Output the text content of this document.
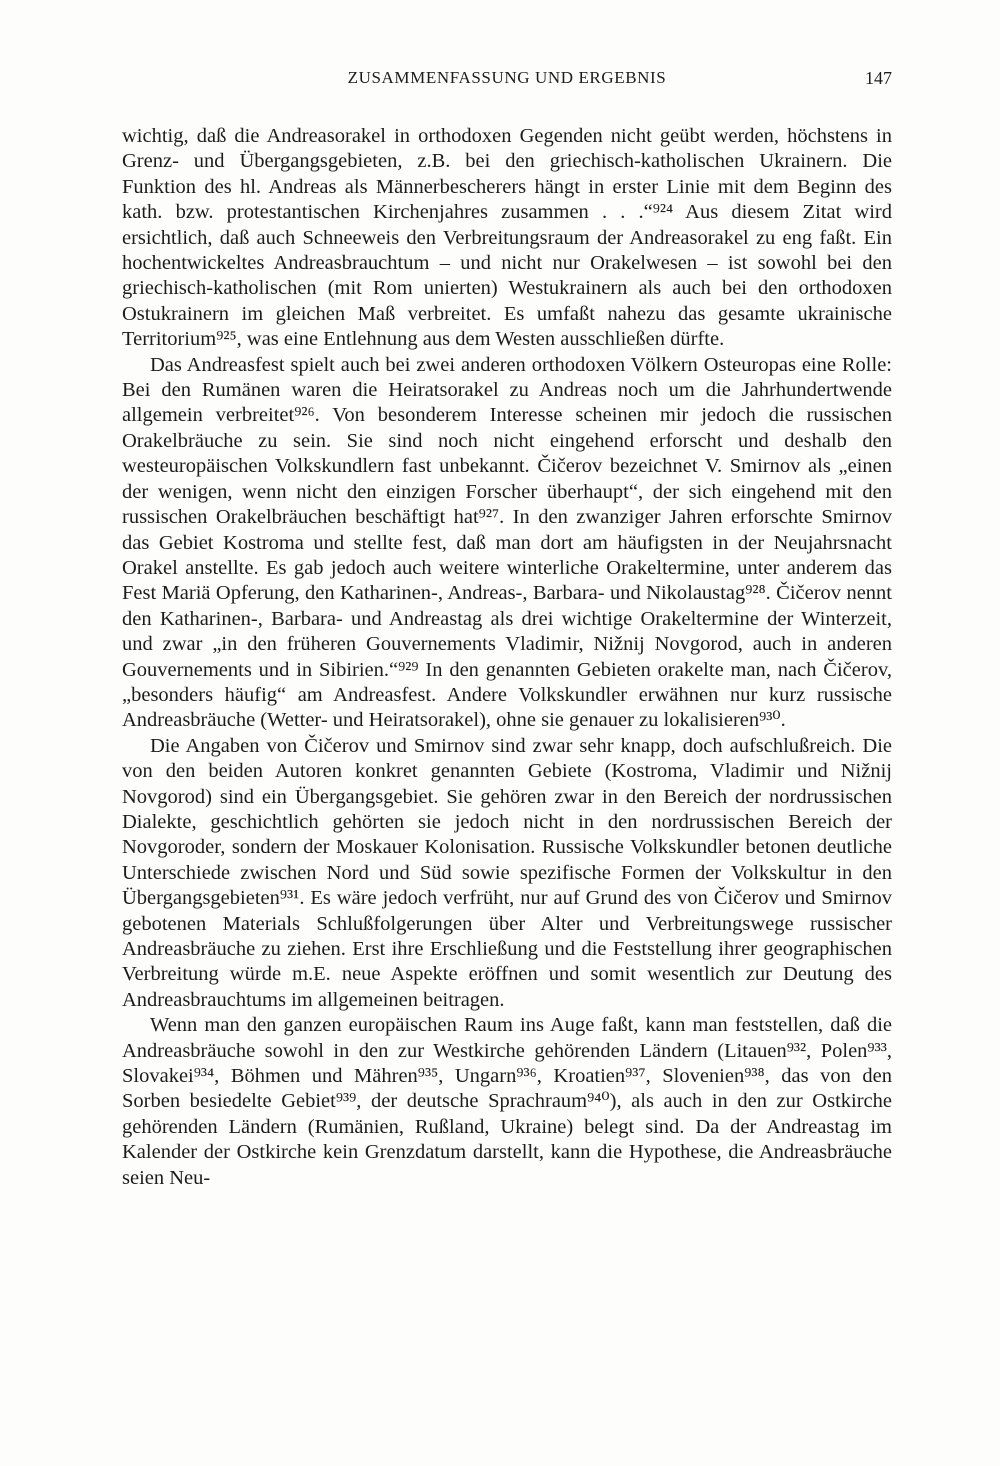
ZUSAMMENFASSUNG UND ERGEBNIS	147

wichtig, daß die Andreasorakel in orthodoxen Gegenden nicht geübt werden, höchstens in Grenz- und Übergangsgebieten, z.B. bei den griechisch-katholischen Ukrainern. Die Funktion des hl. Andreas als Männerbescherers hängt in erster Linie mit dem Beginn des kath. bzw. protestantischen Kirchenjahres zusammen . . .“⁹²⁴ Aus diesem Zitat wird ersichtlich, daß auch Schneeweis den Verbreitungsraum der Andreasorakel zu eng faßt. Ein hochentwickeltes Andreasbrauchtum – und nicht nur Orakelwesen – ist sowohl bei den griechisch-katholischen (mit Rom unierten) Westukrainern als auch bei den orthodoxen Ostukrainern im gleichen Maß verbreitet. Es umfaßt nahezu das gesamte ukrainische Territorium⁹²⁵, was eine Entlehnung aus dem Westen ausschließen dürfte.

Das Andreasfest spielt auch bei zwei anderen orthodoxen Völkern Osteuropas eine Rolle: Bei den Rumänen waren die Heiratsorakel zu Andreas noch um die Jahrhundertwende allgemein verbreitet⁹²⁶. Von besonderem Interesse scheinen mir jedoch die russischen Orakelbräuche zu sein. Sie sind noch nicht eingehend erforscht und deshalb den westeuropäischen Volkskundlern fast unbekannt. Čičerov bezeichnet V. Smirnov als „einen der wenigen, wenn nicht den einzigen Forscher überhaupt“, der sich eingehend mit den russischen Orakelbräuchen beschäftigt hat⁹²⁷. In den zwanziger Jahren erforschte Smirnov das Gebiet Kostroma und stellte fest, daß man dort am häufigsten in der Neujahrsnacht Orakel anstellte. Es gab jedoch auch weitere winterliche Orakeltermine, unter anderem das Fest Mariä Opferung, den Katharinen-, Andreas-, Barbara- und Nikolaustag⁹²⁸. Čičerov nennt den Katharinen-, Barbara- und Andreastag als drei wichtige Orakeltermine der Winterzeit, und zwar „in den früheren Gouvernements Vladimir, Nižnij Novgorod, auch in anderen Gouvernements und in Sibirien.“⁹²⁹ In den genannten Gebieten orakelte man, nach Čičerov, „besonders häufig“ am Andreasfest. Andere Volkskundler erwähnen nur kurz russische Andreasbräuche (Wetter- und Heiratsorakel), ohne sie genauer zu lokalisieren⁹³⁰.

Die Angaben von Čičerov und Smirnov sind zwar sehr knapp, doch aufschlußreich. Die von den beiden Autoren konkret genannten Gebiete (Kostroma, Vladimir und Nižnij Novgorod) sind ein Übergangsgebiet. Sie gehören zwar in den Bereich der nordrussischen Dialekte, geschichtlich gehörten sie jedoch nicht in den nordrussischen Bereich der Novgoroder, sondern der Moskauer Kolonisation. Russische Volkskundler betonen deutliche Unterschiede zwischen Nord und Süd sowie spezifische Formen der Volkskultur in den Übergangsgebieten⁹³¹. Es wäre jedoch verfrüht, nur auf Grund des von Čičerov und Smirnov gebotenen Materials Schlußfolgerungen über Alter und Verbreitungswege russischer Andreasbräuche zu ziehen. Erst ihre Erschließung und die Feststellung ihrer geographischen Verbreitung würde m.E. neue Aspekte eröffnen und somit wesentlich zur Deutung des Andreasbrauchtums im allgemeinen beitragen.

Wenn man den ganzen europäischen Raum ins Auge faßt, kann man feststellen, daß die Andreasbräuche sowohl in den zur Westkirche gehörenden Ländern (Litauen⁹³², Polen⁹³³, Slovakei⁹³⁴, Böhmen und Mähren⁹³⁵, Ungarn⁹³⁶, Kroatien⁹³⁷, Slovenien⁹³⁸, das von den Sorben besiedelte Gebiet⁹³⁹, der deutsche Sprachraum⁹⁴⁰), als auch in den zur Ostkirche gehörenden Ländern (Rumänien, Rußland, Ukraine) belegt sind. Da der Andreastag im Kalender der Ostkirche kein Grenzdatum darstellt, kann die Hypothese, die Andreasbräuche seien Neu-
